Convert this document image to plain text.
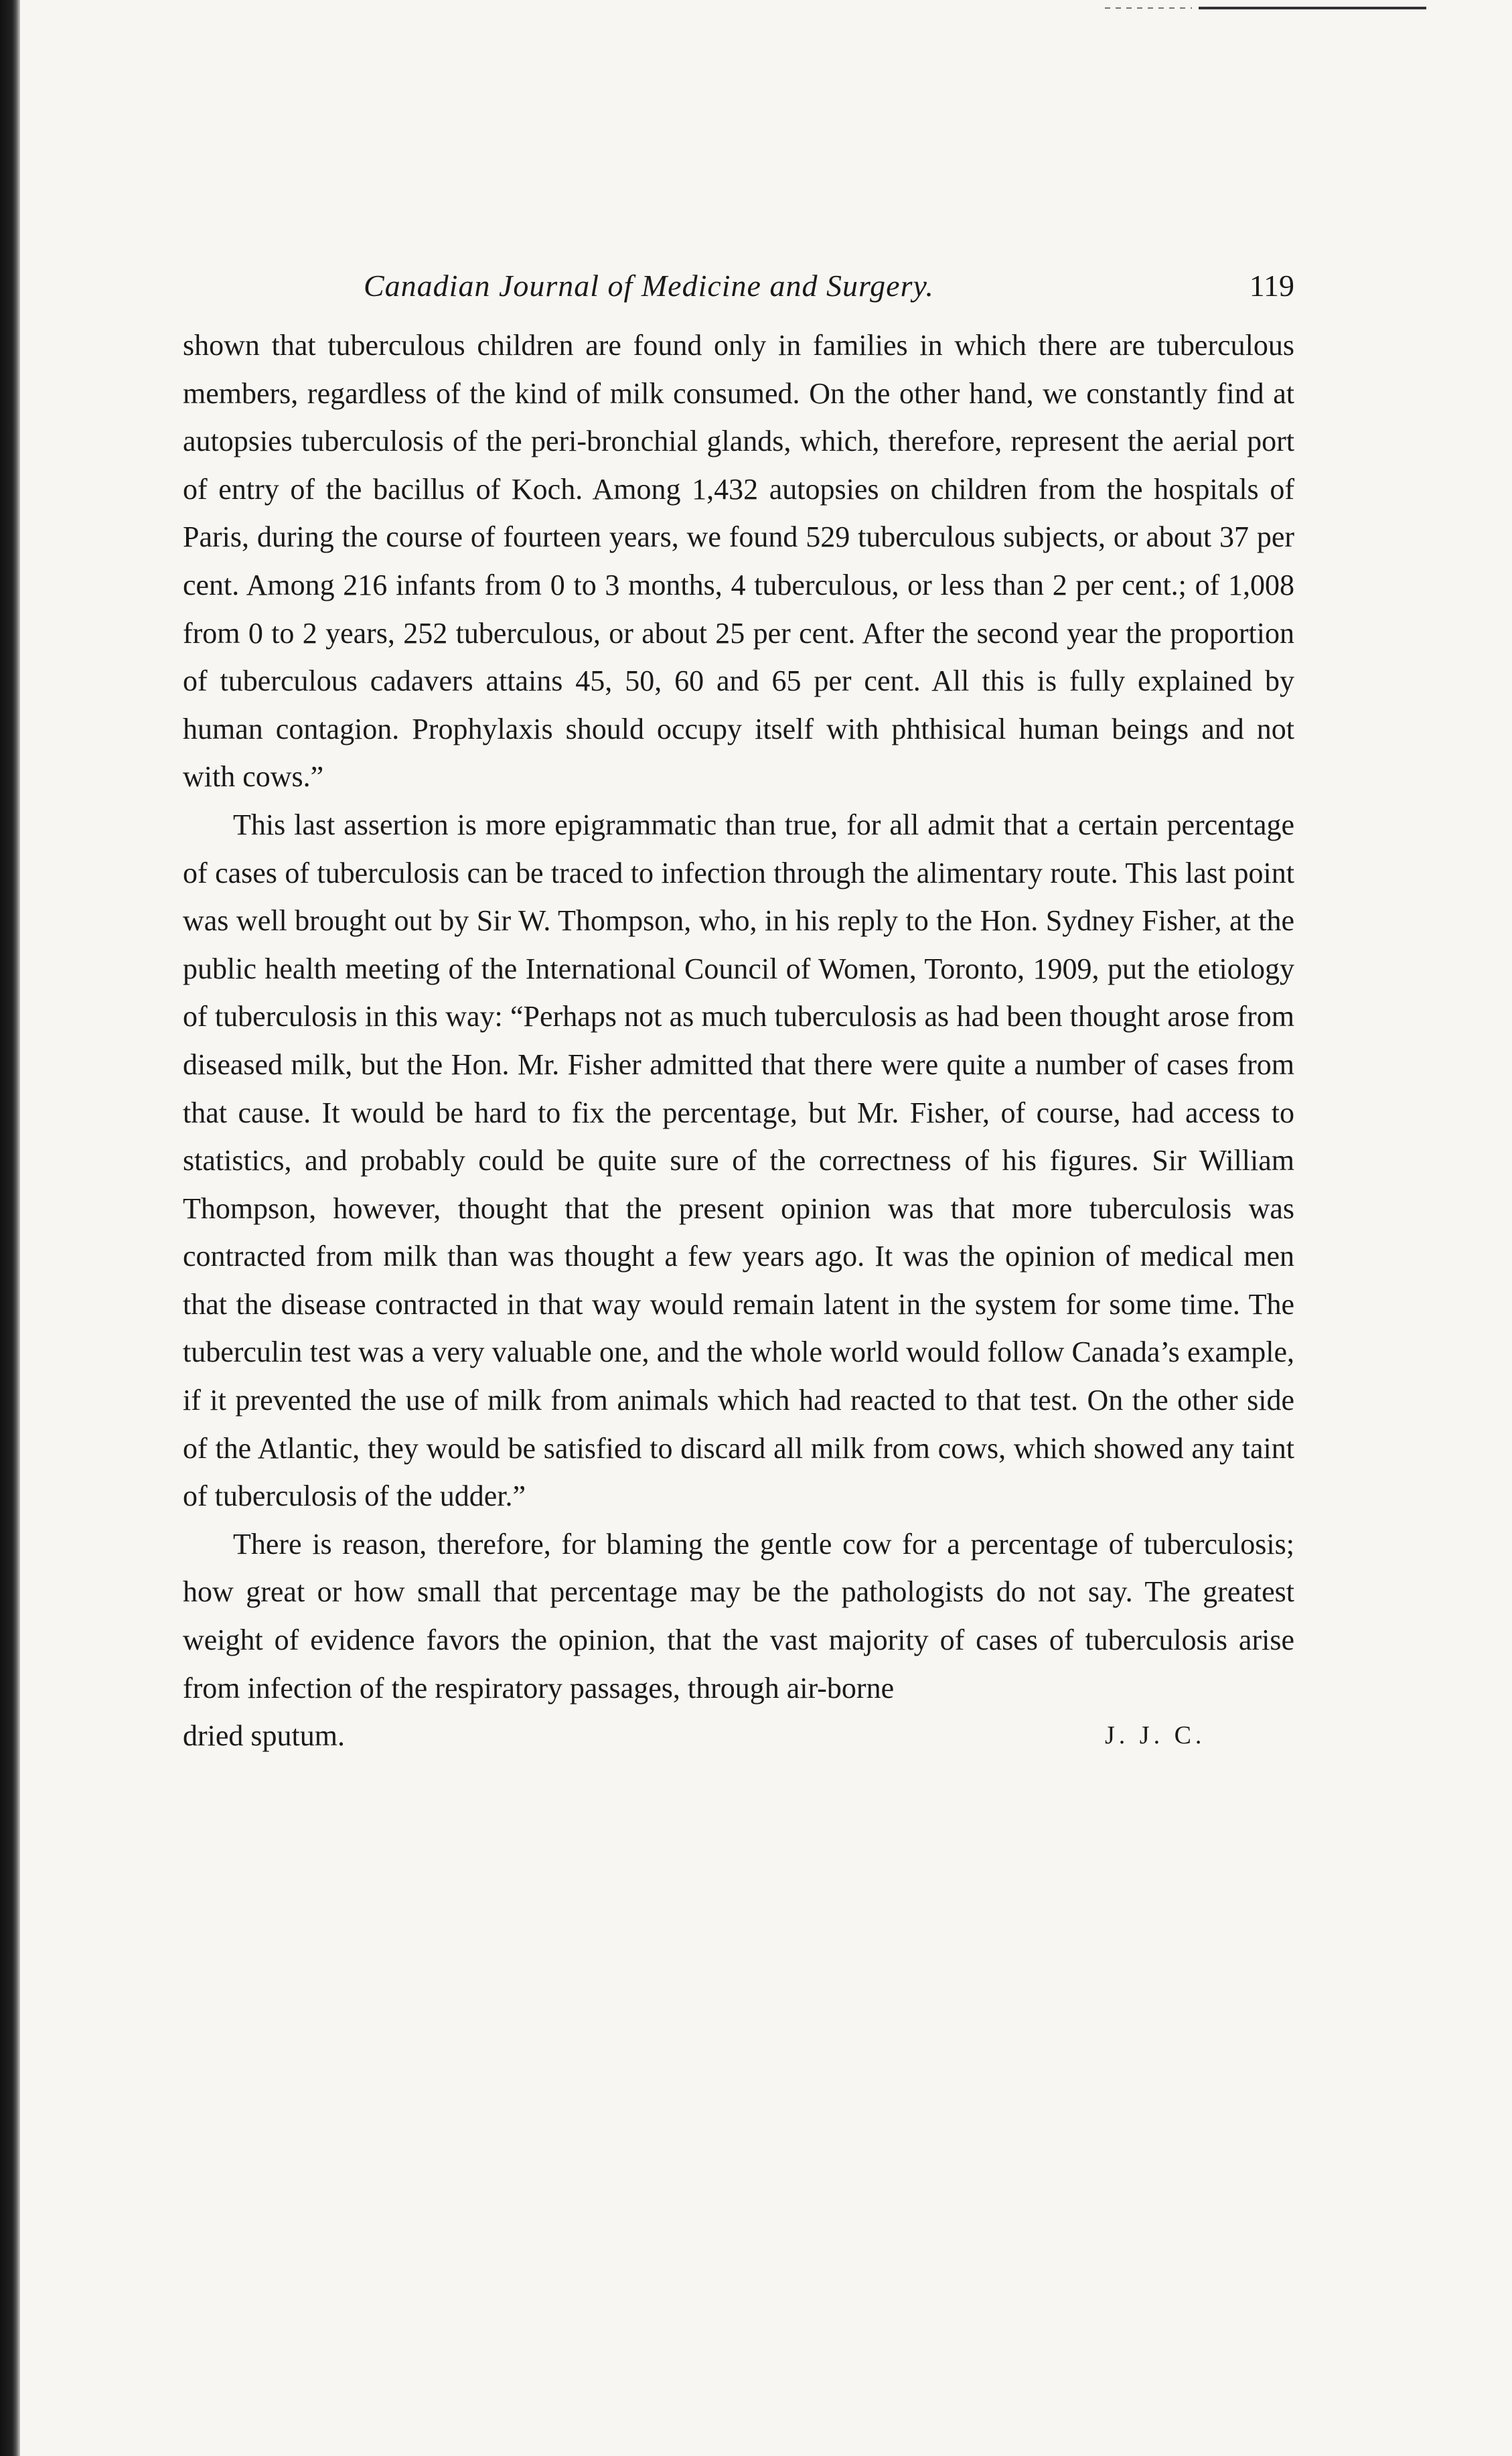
Canadian Journal of Medicine and Surgery.	119

shown that tuberculous children are found only in families in which there are tuberculous members, regardless of the kind of milk consumed. On the other hand, we constantly find at autopsies tuberculosis of the peri-bronchial glands, which, therefore, represent the aerial port of entry of the bacillus of Koch. Among 1,432 autopsies on children from the hospitals of Paris, during the course of fourteen years, we found 529 tuberculous subjects, or about 37 per cent. Among 216 infants from 0 to 3 months, 4 tuberculous, or less than 2 per cent.; of 1,008 from 0 to 2 years, 252 tuberculous, or about 25 per cent. After the second year the proportion of tuberculous cadavers attains 45, 50, 60 and 65 per cent. All this is fully explained by human contagion. Prophylaxis should occupy itself with phthisical human beings and not with cows.”

This last assertion is more epigrammatic than true, for all admit that a certain percentage of cases of tuberculosis can be traced to infection through the alimentary route. This last point was well brought out by Sir W. Thompson, who, in his reply to the Hon. Sydney Fisher, at the public health meeting of the International Council of Women, Toronto, 1909, put the etiology of tuberculosis in this way: “Perhaps not as much tuberculosis as had been thought arose from diseased milk, but the Hon. Mr. Fisher admitted that there were quite a number of cases from that cause. It would be hard to fix the percentage, but Mr. Fisher, of course, had access to statistics, and probably could be quite sure of the correctness of his figures. Sir William Thompson, however, thought that the present opinion was that more tuberculosis was contracted from milk than was thought a few years ago. It was the opinion of medical men that the disease contracted in that way would remain latent in the system for some time. The tuberculin test was a very valuable one, and the whole world would follow Canada’s example, if it prevented the use of milk from animals which had reacted to that test. On the other side of the Atlantic, they would be satisfied to discard all milk from cows, which showed any taint of tuberculosis of the udder.”

There is reason, therefore, for blaming the gentle cow for a percentage of tuberculosis; how great or how small that percentage may be the pathologists do not say. The greatest weight of evidence favors the opinion, that the vast majority of cases of tuberculosis arise from infection of the respiratory passages, through air-borne

dried sputum.	J. J. C.
